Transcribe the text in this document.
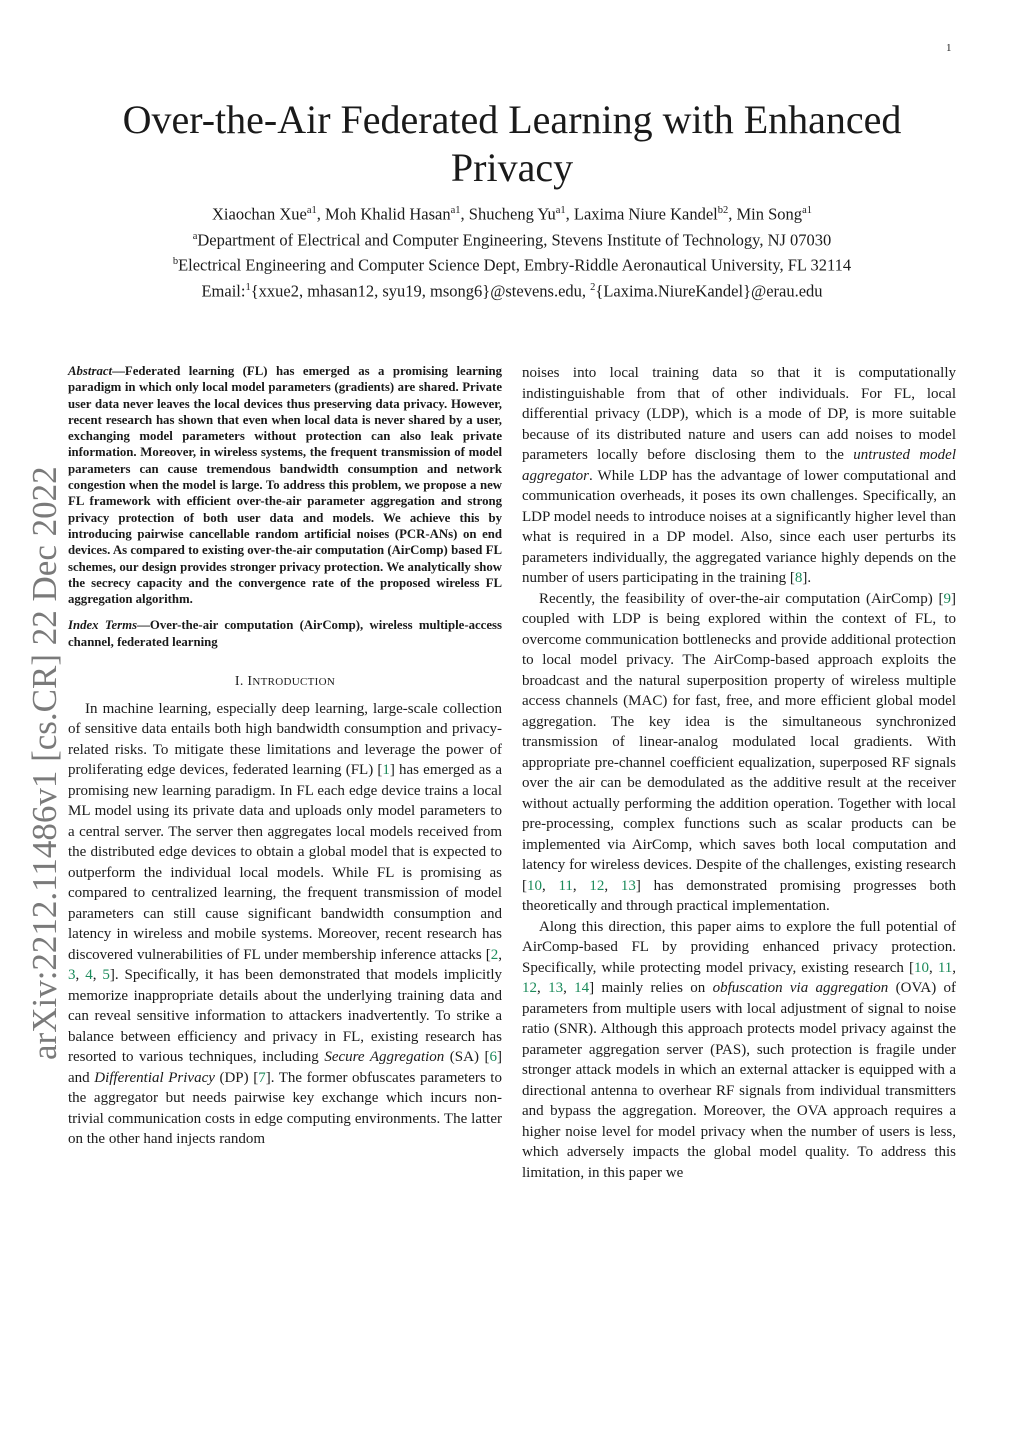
1
arXiv:2212.11486v1 [cs.CR] 22 Dec 2022
Over-the-Air Federated Learning with Enhanced Privacy
Xiaochan Xue$^{a1}$, Moh Khalid Hasan$^{a1}$, Shucheng $Yu^{a1}$, Laxima Niure Kandel$^{b2}$, Min Song$^{a1}$
$^a$Department of Electrical and Computer Engineering, Stevens Institute of Technology, NJ 07030
$^b$Electrical Engineering and Computer Science Dept, Embry-Riddle Aeronautical University, FL 32114
Email:$^1${xxue2, mhasan12, syu19, msong6}@stevens.edu, $^2${Laxima.NiureKandel}@erau.edu
Abstract—Federated learning (FL) has emerged as a promising learning paradigm in which only local model parameters (gradients) are shared. Private user data never leaves the local devices thus preserving data privacy. However, recent research has shown that even when local data is never shared by a user, exchanging model parameters without protection can also leak private information. Moreover, in wireless systems, the frequent transmission of model parameters can cause tremendous bandwidth consumption and network congestion when the model is large. To address this problem, we propose a new FL framework with efficient over-the-air parameter aggregation and strong privacy protection of both user data and models. We achieve this by introducing pairwise cancellable random artificial noises (PCR-ANs) on end devices. As compared to existing over-the-air computation (AirComp) based FL schemes, our design provides stronger privacy protection. We analytically show the secrecy capacity and the convergence rate of the proposed wireless FL aggregation algorithm.
Index Terms—Over-the-air computation (AirComp), wireless multiple-access channel, federated learning
I. INTRODUCTION

In machine learning, especially deep learning, large-scale collection of sensitive data entails both high bandwidth consumption and privacy-related risks. To mitigate these limitations and leverage the power of proliferating edge devices, federated learning (FL) [1] has emerged as a promising new learning paradigm. In FL each edge device trains a local ML model using its private data and uploads only model parameters to a central server. The server then aggregates local models received from the distributed edge devices to obtain a global model that is expected to outperform the individual local models. While FL is promising as compared to centralized learning, the frequent transmission of model parameters can still cause significant bandwidth consumption and latency in wireless and mobile systems. Moreover, recent research has discovered vulnerabilities of FL under membership inference attacks [2, 3, 4, 5]. Specifically, it has been demonstrated that models implicitly memorize inappropriate details about the underlying training data and can reveal sensitive information to attackers inadvertently. To strike a balance between efficiency and privacy in FL, existing research has resorted to various techniques, including Secure Aggregation (SA) [6] and Differential Privacy (DP) [7]. The former obfuscates parameters to the aggregator but needs pairwise key exchange which incurs non-trivial communication costs in edge computing environments. The latter on the other hand injects random

noises into local training data so that it is computationally indistinguishable from that of other individuals. For FL, local differential privacy (LDP), which is a mode of DP, is more suitable because of its distributed nature and users can add noises to model parameters locally before disclosing them to the untrusted model aggregator. While LDP has the advantage of lower computational and communication overheads, it poses its own challenges. Specifically, an LDP model needs to introduce noises at a significantly higher level than what is required in a DP model. Also, since each user perturbs its parameters individually, the aggregated variance highly depends on the number of users participating in the training [8].

Recently, the feasibility of over-the-air computation (AirComp) [9] coupled with LDP is being explored within the context of FL, to overcome communication bottlenecks and provide additional protection to local model privacy. The AirComp-based approach exploits the broadcast and the natural superposition property of wireless multiple access channels (MAC) for fast, free, and more efficient global model aggregation. The key idea is the simultaneous synchronized transmission of linear-analog modulated local gradients. With appropriate pre-channel coefficient equalization, superposed RF signals over the air can be demodulated as the additive result at the receiver without actually performing the addition operation. Together with local pre-processing, complex functions such as scalar products can be implemented via AirComp, which saves both local computation and latency for wireless devices. Despite of the challenges, existing research [10, 11, 12, 13] has demonstrated promising progresses both theoretically and through practical implementation.

Along this direction, this paper aims to explore the full potential of AirComp-based FL by providing enhanced privacy protection. Specifically, while protecting model privacy, existing research [10, 11, 12, 13, 14] mainly relies on obfuscation via aggregation (OVA) of parameters from multiple users with local adjustment of signal to noise ratio (SNR). Although this approach protects model privacy against the parameter aggregation server (PAS), such protection is fragile under stronger attack models in which an external attacker is equipped with a directional antenna to overhear RF signals from individual transmitters and bypass the aggregation. Moreover, the OVA approach requires a higher noise level for model privacy when the number of users is less, which adversely impacts the global model quality. To address this limitation, in this paper we
